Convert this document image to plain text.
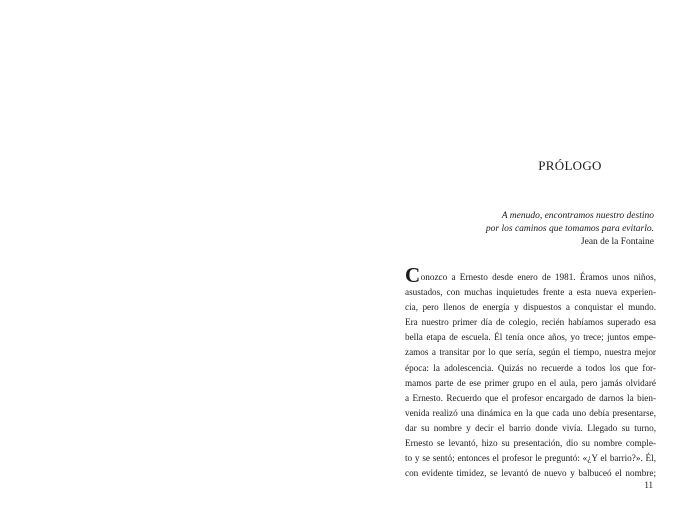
PRÓLOGO
A menudo, encontramos nuestro destino
por los caminos que tomamos para evitarlo.
Jean de la Fontaine
Conozco a Ernesto desde enero de 1981. Éramos unos niños,
asustados, con muchas inquietudes frente a esta nueva experien-
cia, pero llenos de energía y dispuestos a conquistar el mundo.
Era nuestro primer día de colegio, recién habíamos superado esa
bella etapa de escuela. Él tenía once años, yo trece; juntos empe-
zamos a transitar por lo que sería, según el tiempo, nuestra mejor
época: la adolescencia. Quizás no recuerde a todos los que for-
mamos parte de ese primer grupo en el aula, pero jamás olvidaré
a Ernesto. Recuerdo que el profesor encargado de darnos la bien-
venida realizó una dinámica en la que cada uno debía presentarse,
dar su nombre y decir el barrio donde vivía. Llegado su turno,
Ernesto se levantó, hizo su presentación, dio su nombre comple-
to y se sentó; entonces el profesor le preguntó: «¿Y el barrio?». Él,
con evidente timidez, se levantó de nuevo y balbuceó el nombre;
11
